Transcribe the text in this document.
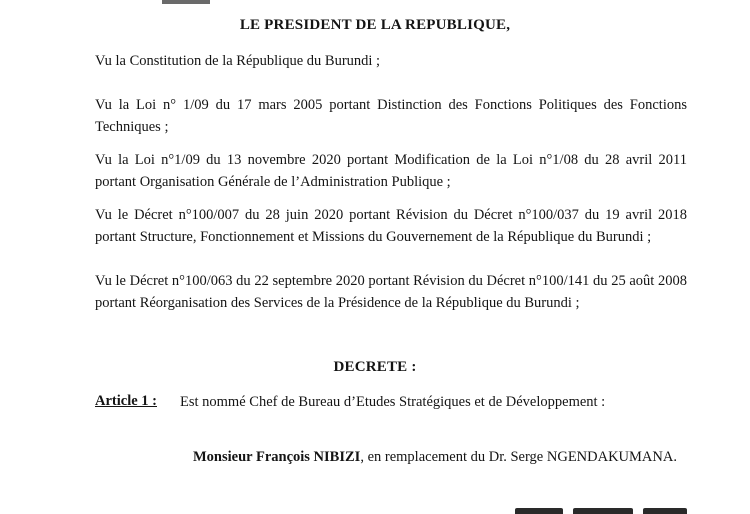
LE PRESIDENT DE LA REPUBLIQUE,
Vu la Constitution de la République du Burundi ;
Vu la Loi n° 1/09 du 17 mars 2005 portant Distinction des Fonctions Politiques des Fonctions Techniques ;
Vu la Loi n°1/09 du 13 novembre 2020 portant Modification de la Loi n°1/08 du 28 avril 2011 portant Organisation Générale de l’Administration Publique ;
Vu le Décret n°100/007 du 28 juin 2020 portant Révision du Décret n°100/037 du 19 avril 2018 portant Structure, Fonctionnement et Missions du Gouvernement de la République du Burundi ;
Vu le Décret n°100/063 du 22 septembre 2020 portant Révision du Décret n°100/141 du 25 août 2008 portant Réorganisation des Services de la Présidence de la République du Burundi ;
DECRETE :
Article 1 : Est nommé Chef de Bureau d’Etudes Stratégiques et de Développement :
Monsieur François NIBIZI, en remplacement du Dr. Serge NGENDAKUMANA.
